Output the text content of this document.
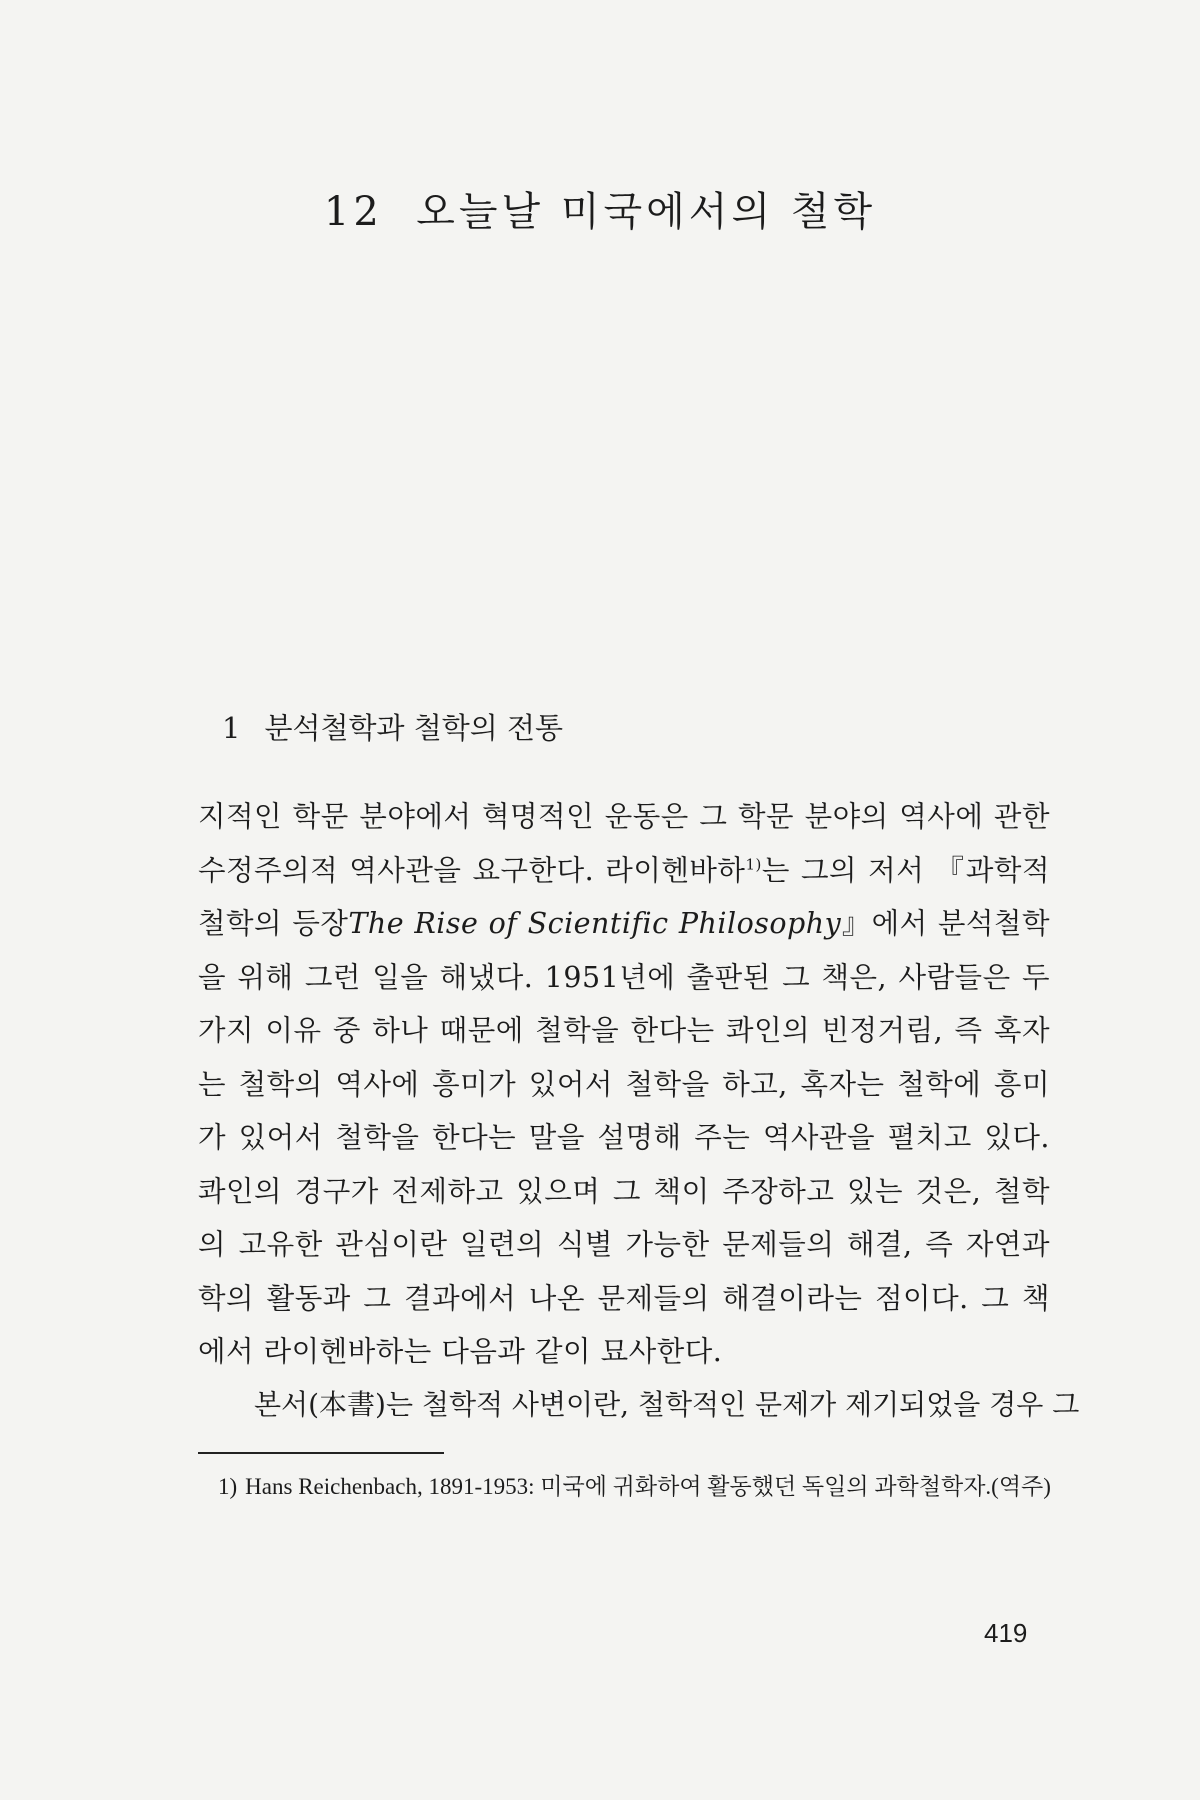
12 오늘날 미국에서의 철학
1 분석철학과 철학의 전통

지적인 학문 분야에서 혁명적인 운동은 그 학문 분야의 역사에 관한 수정주의적 역사관을 요구한다. 라이헨바하$^{1)}$는 그의 저서 『과학적 철학의 등장The Rise of Scientific Philosophy』에서 분석철학을 위해 그런 일을 해냈다. 1951년에 출판된 그 책은, 사람들은 두 가지 이유 중 하나 때문에 철학을 한다는 콰인의 빈정거림, 즉 혹자는 철학의 역사에 흥미가 있어서 철학을 하고, 혹자는 철학에 흥미가 있어서 철학을 한다는 말을 설명해 주는 역사관을 펼치고 있다. 콰인의 경구가 전제하고 있으며 그 책이 주장하고 있는 것은, 철학의 고유한 관심이란 일련의 식별 가능한 문제들의 해결, 즉 자연과학의 활동과 그 결과에서 나온 문제들의 해결이라는 점이다. 그 책에서 라이헨바하는 다음과 같이 묘사한다.

본서(本書)는 철학적 사변이란, 철학적인 문제가 제기되었을 경우 그

1) Hans Reichenbach, 1891-1953: 미국에 귀화하여 활동했던 독일의 과학철학자.(역주)

419
